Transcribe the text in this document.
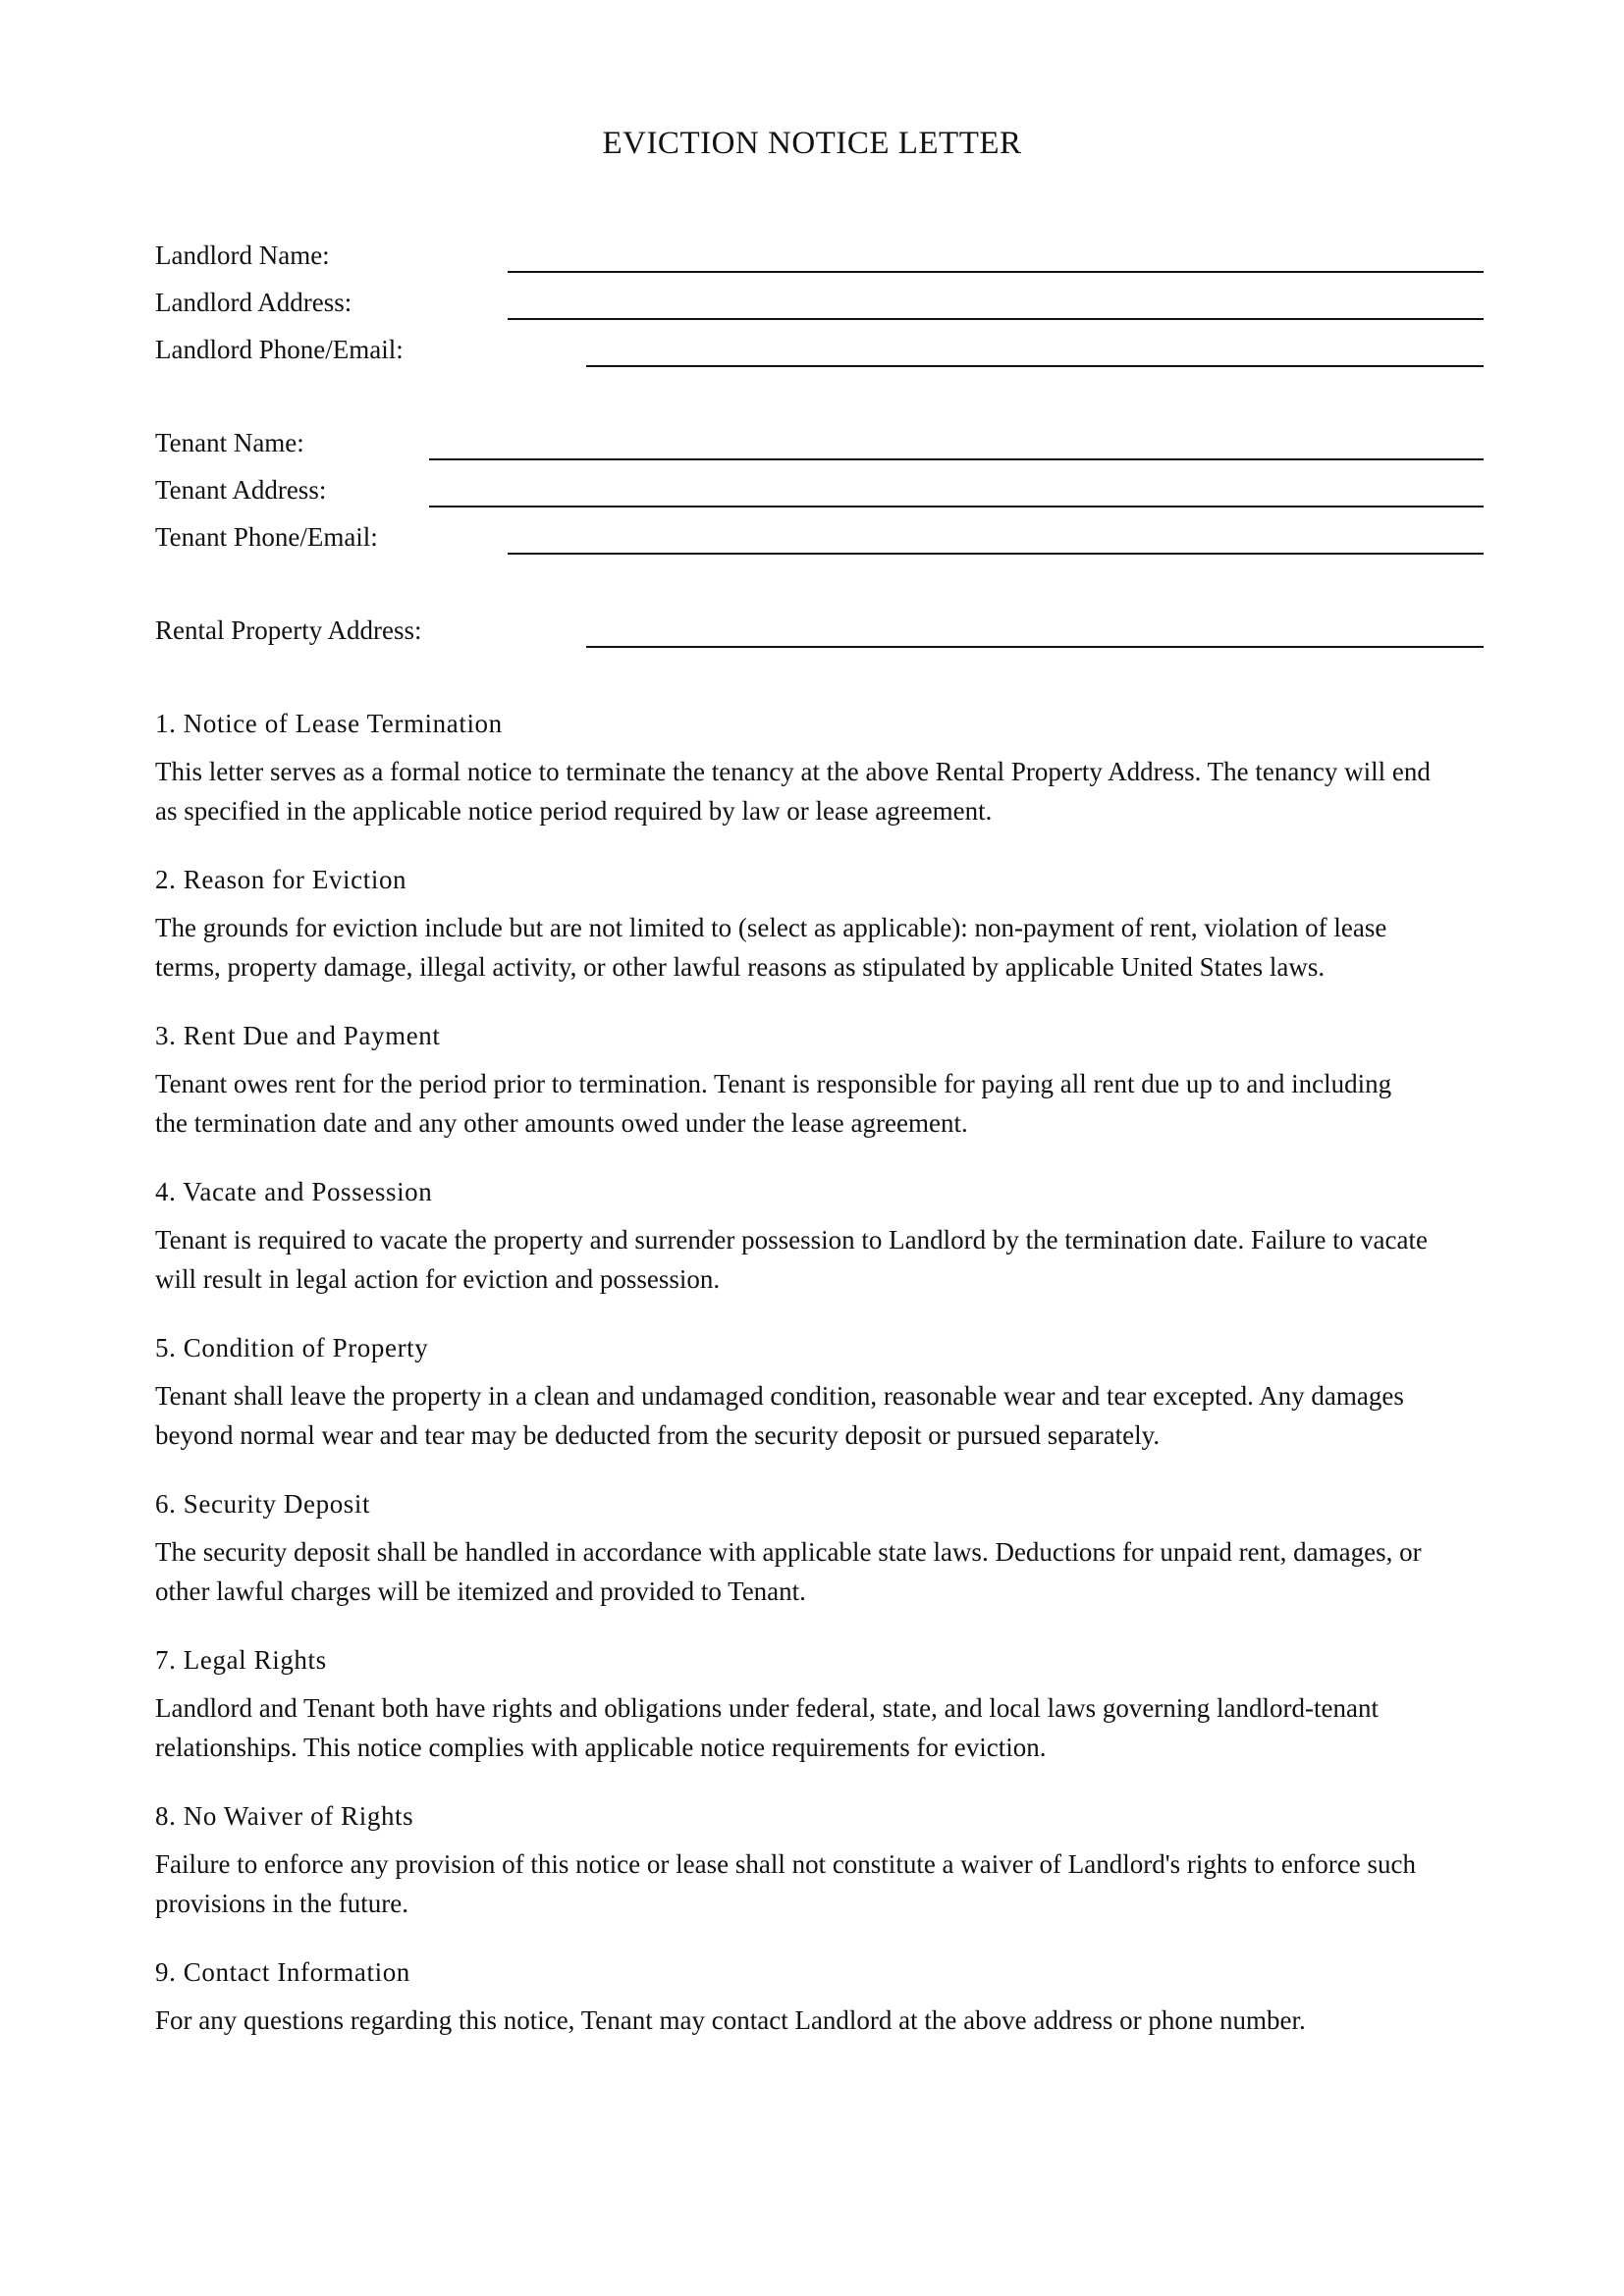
EVICTION NOTICE LETTER
Landlord Name:
Landlord Address:
Landlord Phone/Email:
Tenant Name:
Tenant Address:
Tenant Phone/Email:
Rental Property Address:
1. Notice of Lease Termination

This letter serves as a formal notice to terminate the tenancy at the above Rental Property Address. The tenancy will end

as specified in the applicable notice period required by law or lease agreement.

2. Reason for Eviction

The grounds for eviction include but are not limited to (select as applicable): non-payment of rent, violation of lease

terms, property damage, illegal activity, or other lawful reasons as stipulated by applicable United States laws.

3. Rent Due and Payment

Tenant owes rent for the period prior to termination. Tenant is responsible for paying all rent due up to and including

the termination date and any other amounts owed under the lease agreement.

4. Vacate and Possession

Tenant is required to vacate the property and surrender possession to Landlord by the termination date. Failure to vacate

will result in legal action for eviction and possession.

5. Condition of Property

Tenant shall leave the property in a clean and undamaged condition, reasonable wear and tear excepted. Any damages

beyond normal wear and tear may be deducted from the security deposit or pursued separately.

6. Security Deposit

The security deposit shall be handled in accordance with applicable state laws. Deductions for unpaid rent, damages, or

other lawful charges will be itemized and provided to Tenant.

7. Legal Rights

Landlord and Tenant both have rights and obligations under federal, state, and local laws governing landlord-tenant

relationships. This notice complies with applicable notice requirements for eviction.

8. No Waiver of Rights

Failure to enforce any provision of this notice or lease shall not constitute a waiver of Landlord's rights to enforce such

provisions in the future.

9. Contact Information

For any questions regarding this notice, Tenant may contact Landlord at the above address or phone number.
